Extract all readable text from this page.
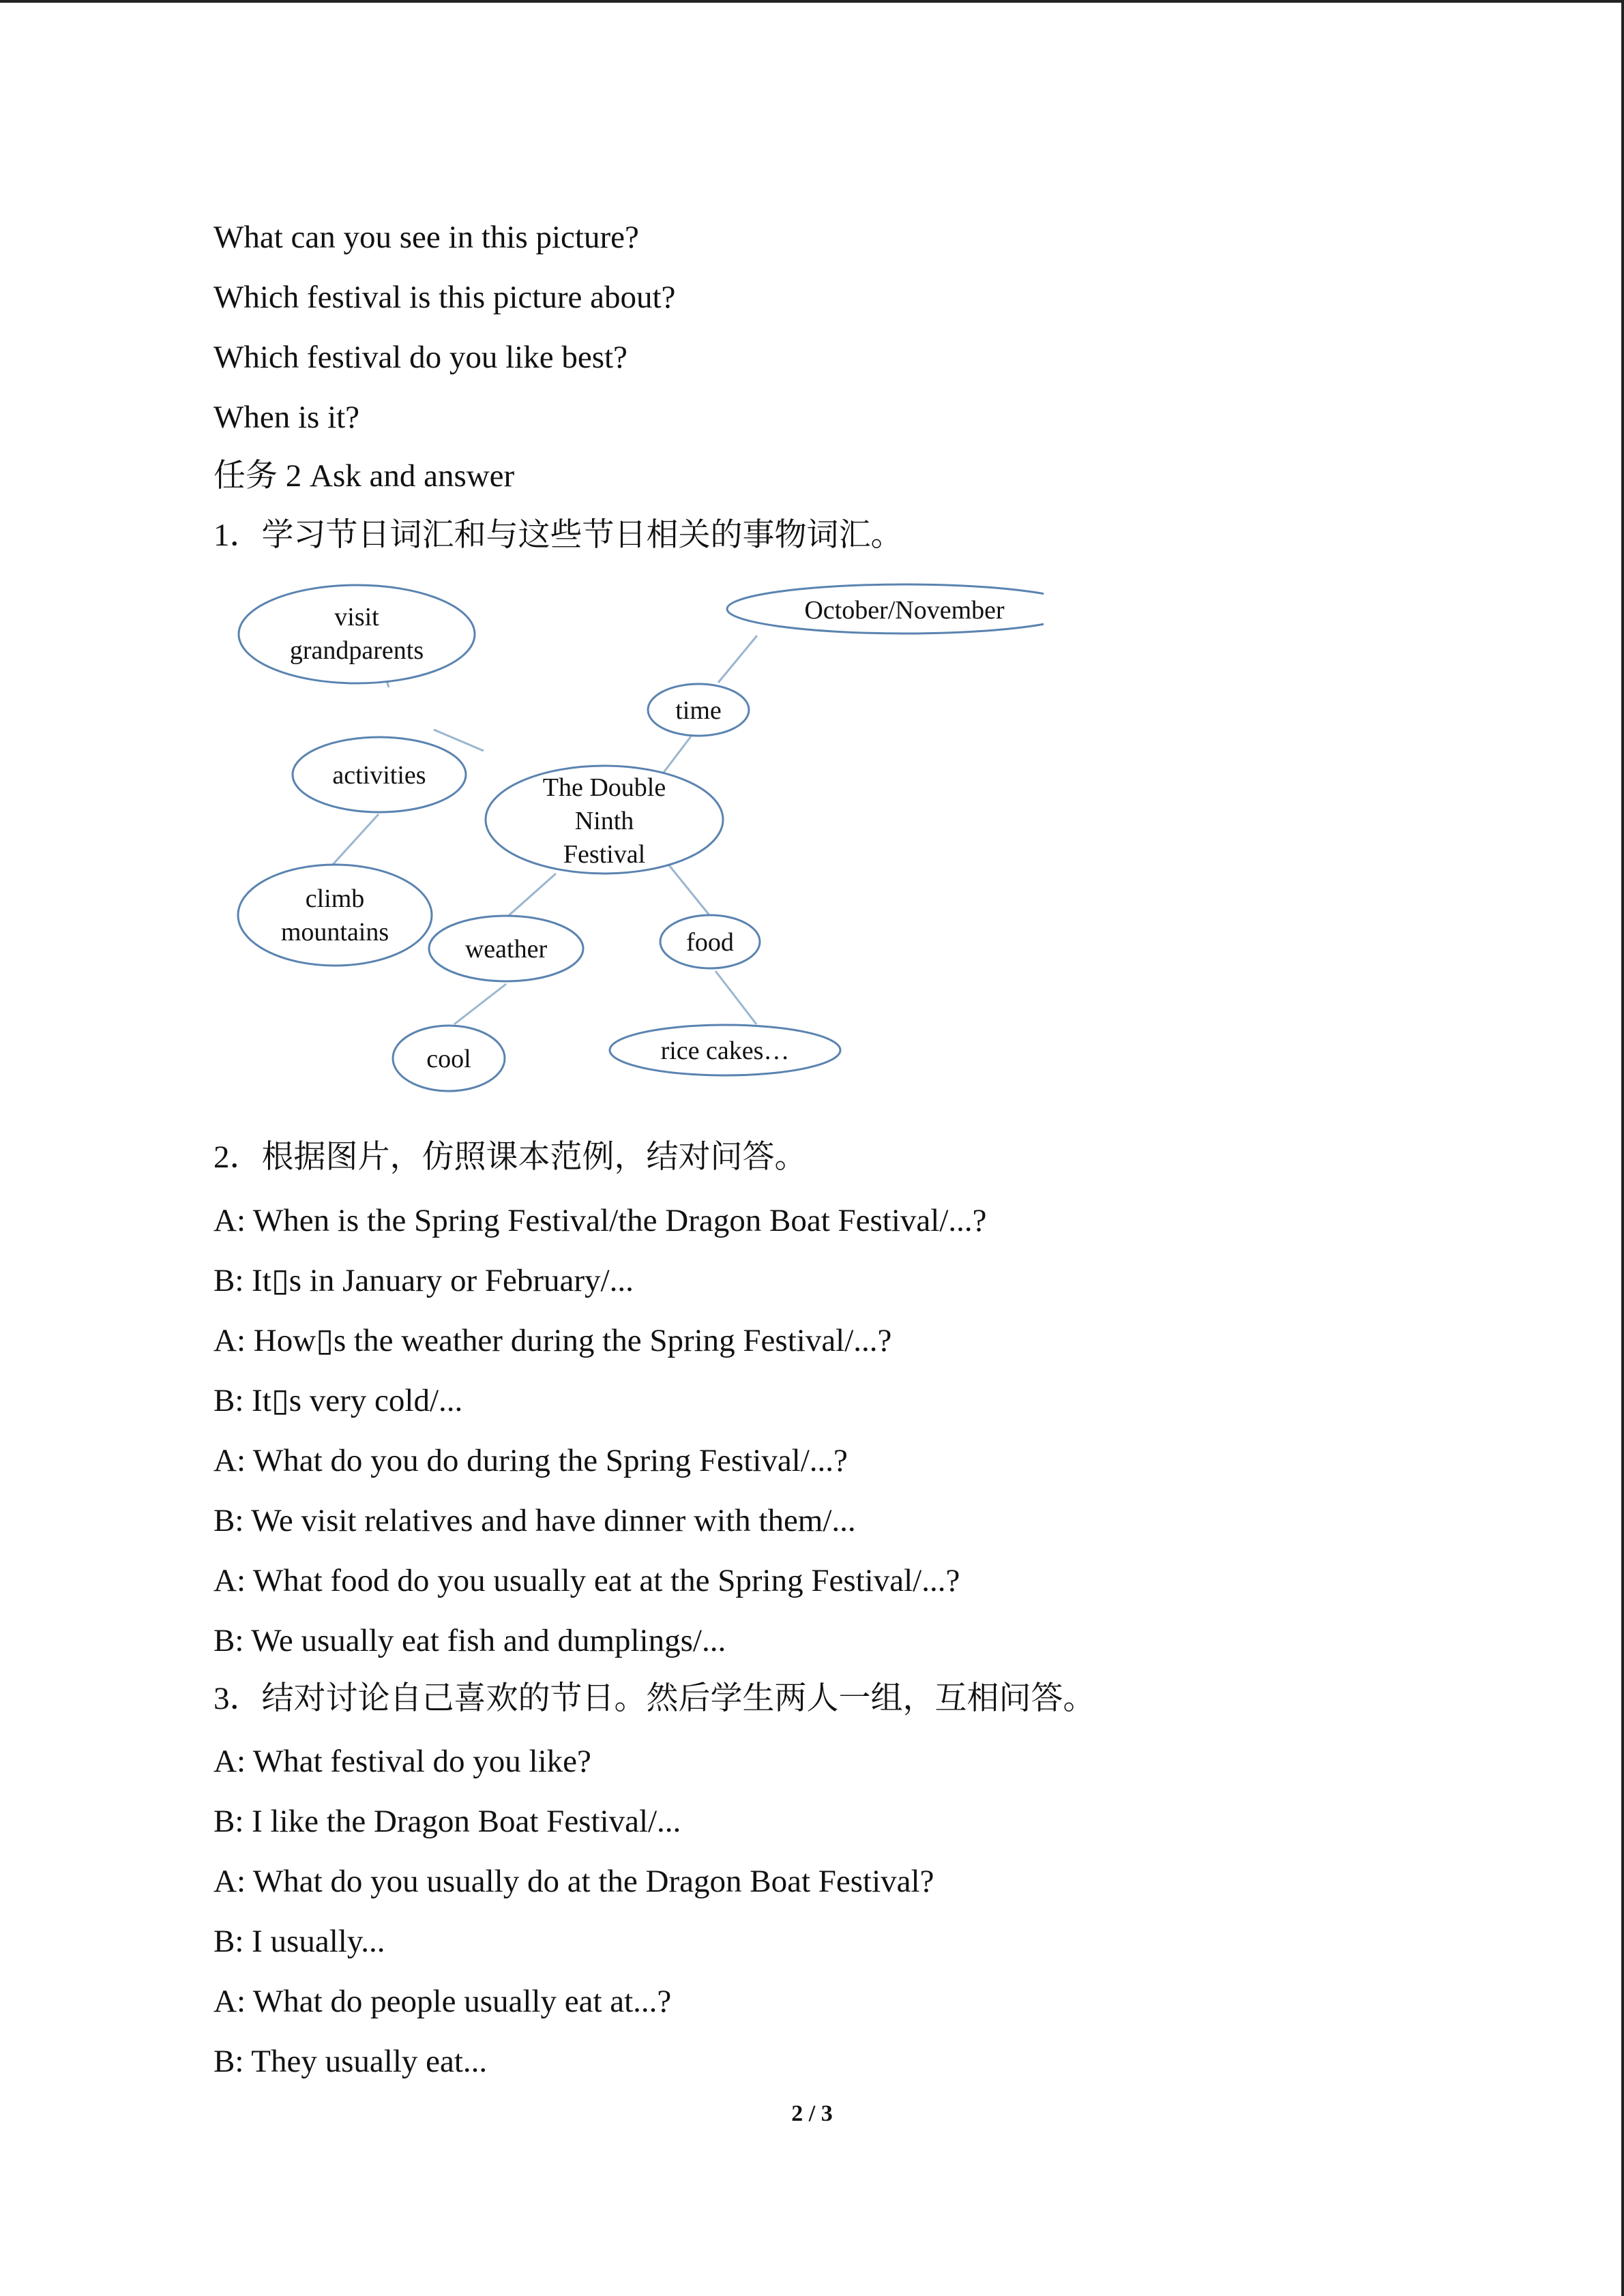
What can you see in this picture?
Which festival is this picture about?
Which festival do you like best?
When is it?
任务 2 Ask and answer
1．学习节日词汇和与这些节日相关的事物词汇。
visit
grandparents
October/November
time
activities	The Double
Ninth
Festival
climb
mountains
weather	food
cool	rice cakes…
2．根据图片，仿照课本范例，结对问答。
A: When is the Spring Festival/the Dragon Boat Festival/...?
B: It▯s in January or February/...
A: How▯s the weather during the Spring Festival/...?
B: It▯s very cold/...
A: What do you do during the Spring Festival/...?
B: We visit relatives and have dinner with them/...
A: What food do you usually eat at the Spring Festival/...?
B: We usually eat fish and dumplings/...
3．结对讨论自己喜欢的节日。然后学生两人一组，互相问答。
A: What festival do you like?
B: I like the Dragon Boat Festival/...
A: What do you usually do at the Dragon Boat Festival?
B: I usually...
A: What do people usually eat at...?
B: They usually eat...
2 / 3
